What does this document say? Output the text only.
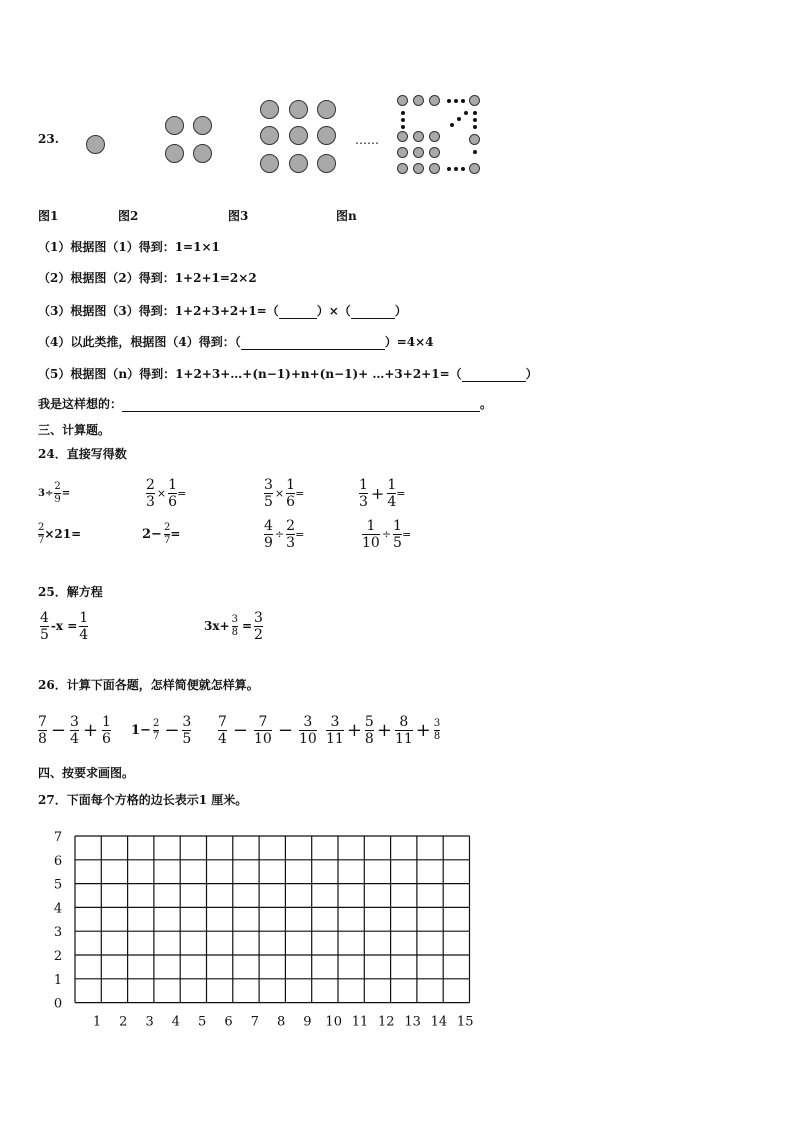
23.	……
图1	图2	图3	图n
（1）根据图（1）得到：1=1×1
（2）根据图（2）得到：1+2+1=2×2
（3）根据图（3）得到：1+2+3+2+1=（	）×（	）
（4）以此类推，根据图（4）得到：（	）=4×4
（5）根据图（n）得到：1+2+3+…+(n−1)+n+(n−1)+ …+3+2+1=（	）
我是这样想的：	。
三、计算题。
24．直接写得数
$3\div \frac{2}{9}$ =	$\frac{2}{3} \times \frac{1}{6}$ =	$\frac{3}{5} \times \frac{1}{6}$ =	$\frac{1}{3} + \frac{1}{4}$ =
$\frac{2}{7} \times 21=$	$2- \frac{2}{7}$ =	$\frac{4}{9} \div \frac{2}{3}$ =	$\frac{1}{10} \div \frac{1}{5}$ =
25．解方程
$\frac{4}{5} -x = \frac{1}{4}$	$3x+ \frac{3}{8} = \frac{3}{2}$
26．计算下面各题，怎样简便就怎样算。
$\frac{7}{8} - \frac{3}{4} + \frac{1}{6} 1- \frac{2}{7} - \frac{3}{5} \frac{7}{4} - \frac{7}{10} - \frac{3}{10} \frac{3}{11} + \frac{5}{8} + \frac{8}{11} + \frac{3}{8}$
四、按要求画图。
27．下面每个方格的边长表示1 厘米。
0
1
2
3
4
5
6
7
1 2 3 4 5 6 7 8 9 10 11 12 13 14 15
